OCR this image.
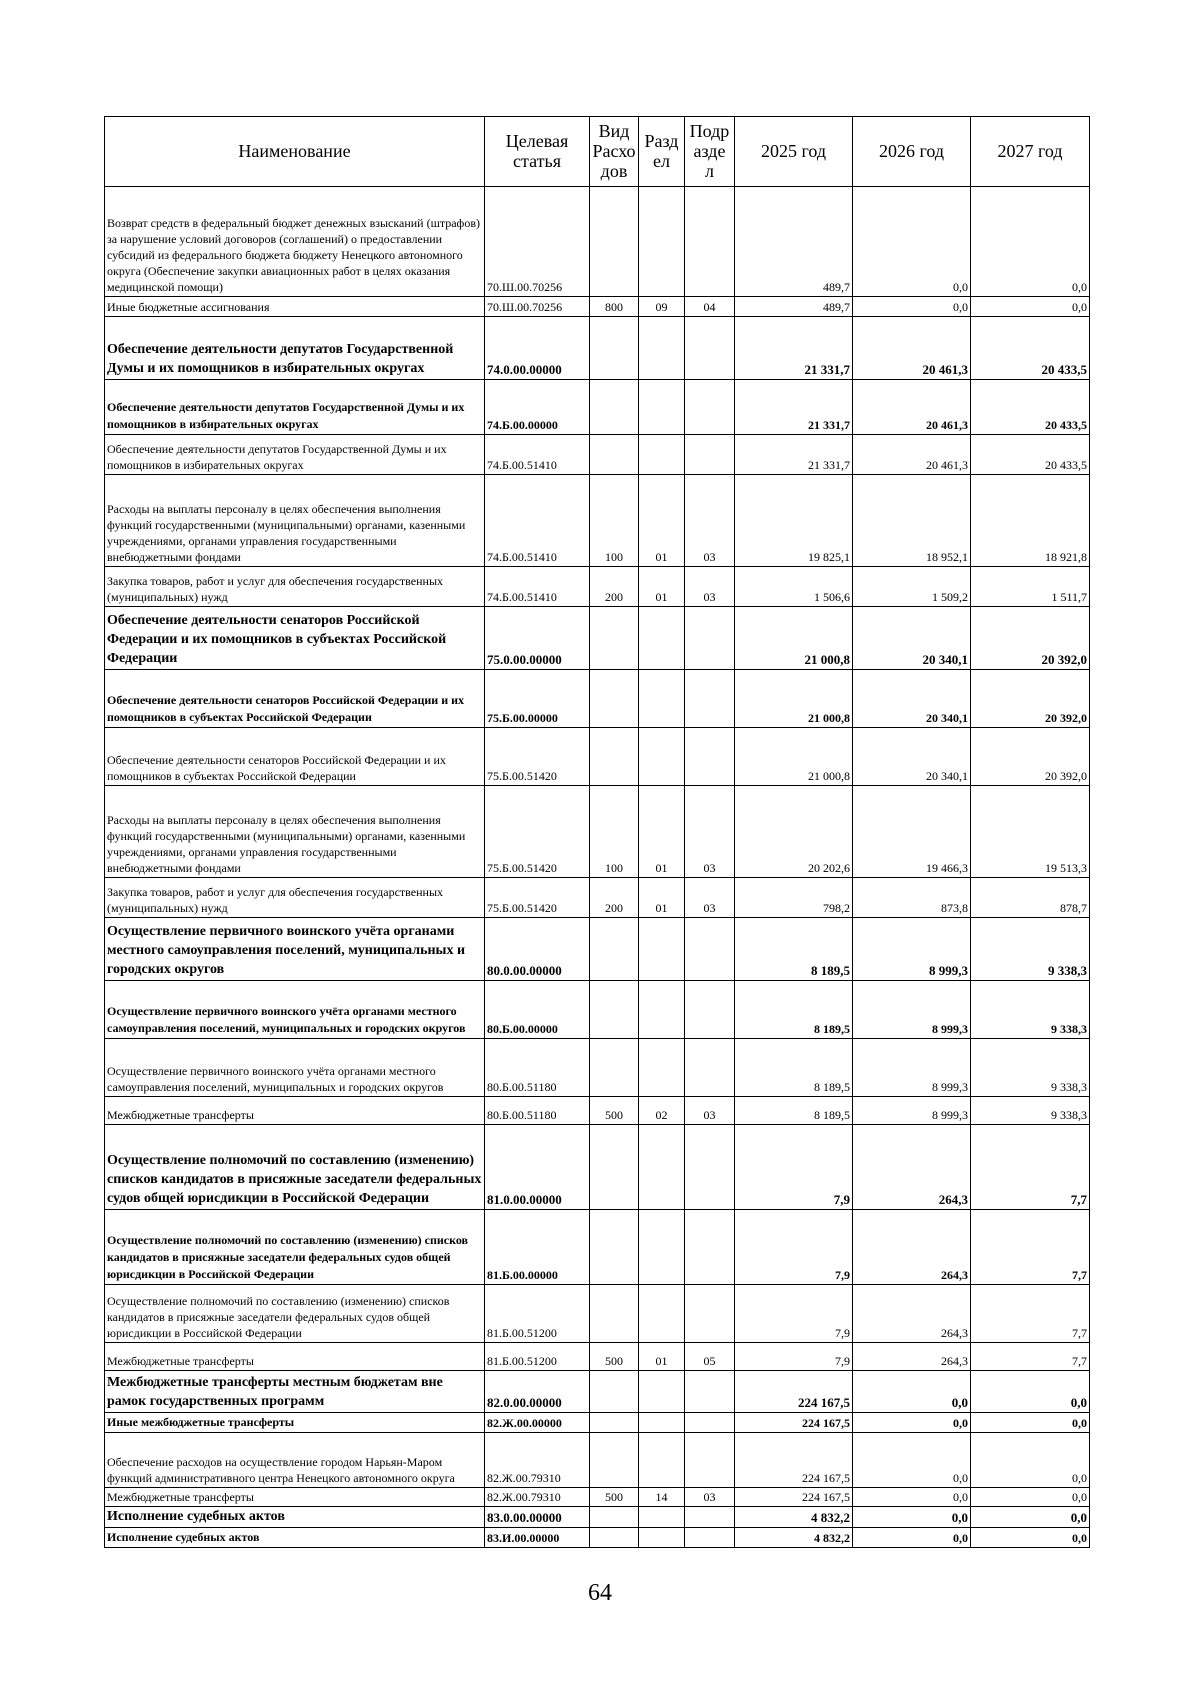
Наименование	Целевая статья	Вид Расхо дов	Разд ел	Подр азде л	2025 год	2026 год	2027 год
Возврат средств в федеральный бюджет денежных взысканий (штрафов) за нарушение условий договоров (соглашений) о предоставлении субсидий из федерального бюджета бюджету Ненецкого автономного округа (Обеспечение закупки авиационных работ в целях оказания медицинской помощи)	70.Ш.00.70256				489,7	0,0	0,0
Иные бюджетные ассигнования	70.Ш.00.70256	800	09	04	489,7	0,0	0,0
Обеспечение деятельности депутатов Государственной Думы и их помощников в избирательных округах	74.0.00.00000				21 331,7	20 461,3	20 433,5
Обеспечение деятельности депутатов Государственной Думы и их помощников в избирательных округах	74.Б.00.00000				21 331,7	20 461,3	20 433,5
Обеспечение деятельности депутатов Государственной Думы и их помощников в избирательных округах	74.Б.00.51410				21 331,7	20 461,3	20 433,5
Расходы на выплаты персоналу в целях обеспечения выполнения функций государственными (муниципальными) органами, казенными учреждениями, органами управления государственными внебюджетными фондами	74.Б.00.51410	100	01	03	19 825,1	18 952,1	18 921,8
Закупка товаров, работ и услуг для обеспечения государственных (муниципальных) нужд	74.Б.00.51410	200	01	03	1 506,6	1 509,2	1 511,7
Обеспечение деятельности сенаторов Российской Федерации и их помощников в субъектах Российской Федерации	75.0.00.00000				21 000,8	20 340,1	20 392,0
Обеспечение деятельности сенаторов Российской Федерации и их помощников в субъектах Российской Федерации	75.Б.00.00000				21 000,8	20 340,1	20 392,0
Обеспечение деятельности сенаторов Российской Федерации и их помощников в субъектах Российской Федерации	75.Б.00.51420				21 000,8	20 340,1	20 392,0
Расходы на выплаты персоналу в целях обеспечения выполнения функций государственными (муниципальными) органами, казенными учреждениями, органами управления государственными внебюджетными фондами	75.Б.00.51420	100	01	03	20 202,6	19 466,3	19 513,3
Закупка товаров, работ и услуг для обеспечения государственных (муниципальных) нужд	75.Б.00.51420	200	01	03	798,2	873,8	878,7
Осуществление первичного воинского учёта органами местного самоуправления поселений, муниципальных и городских округов	80.0.00.00000				8 189,5	8 999,3	9 338,3
Осуществление первичного воинского учёта органами местного самоуправления поселений, муниципальных и городских округов	80.Б.00.00000				8 189,5	8 999,3	9 338,3
Осуществление первичного воинского учёта органами местного самоуправления поселений, муниципальных и городских округов	80.Б.00.51180				8 189,5	8 999,3	9 338,3
Межбюджетные трансферты	80.Б.00.51180	500	02	03	8 189,5	8 999,3	9 338,3
Осуществление полномочий по составлению (изменению) списков кандидатов в присяжные заседатели федеральных судов общей юрисдикции в Российской Федерации	81.0.00.00000				7,9	264,3	7,7
Осуществление полномочий по составлению (изменению) списков кандидатов в присяжные заседатели федеральных судов общей юрисдикции в Российской Федерации	81.Б.00.00000				7,9	264,3	7,7
Осуществление полномочий по составлению (изменению) списков кандидатов в присяжные заседатели федеральных судов общей юрисдикции в Российской Федерации	81.Б.00.51200				7,9	264,3	7,7
Межбюджетные трансферты	81.Б.00.51200	500	01	05	7,9	264,3	7,7
Межбюджетные трансферты местным бюджетам вне рамок государственных программ	82.0.00.00000				224 167,5	0,0	0,0
Иные межбюджетные трансферты	82.Ж.00.00000				224 167,5	0,0	0,0
Обеспечение расходов на осуществление городом Нарьян-Маром функций административного центра Ненецкого автономного округа	82.Ж.00.79310				224 167,5	0,0	0,0
Межбюджетные трансферты	82.Ж.00.79310	500	14	03	224 167,5	0,0	0,0
Исполнение судебных актов	83.0.00.00000				4 832,2	0,0	0,0
Исполнение судебных актов	83.И.00.00000				4 832,2	0,0	0,0
64
